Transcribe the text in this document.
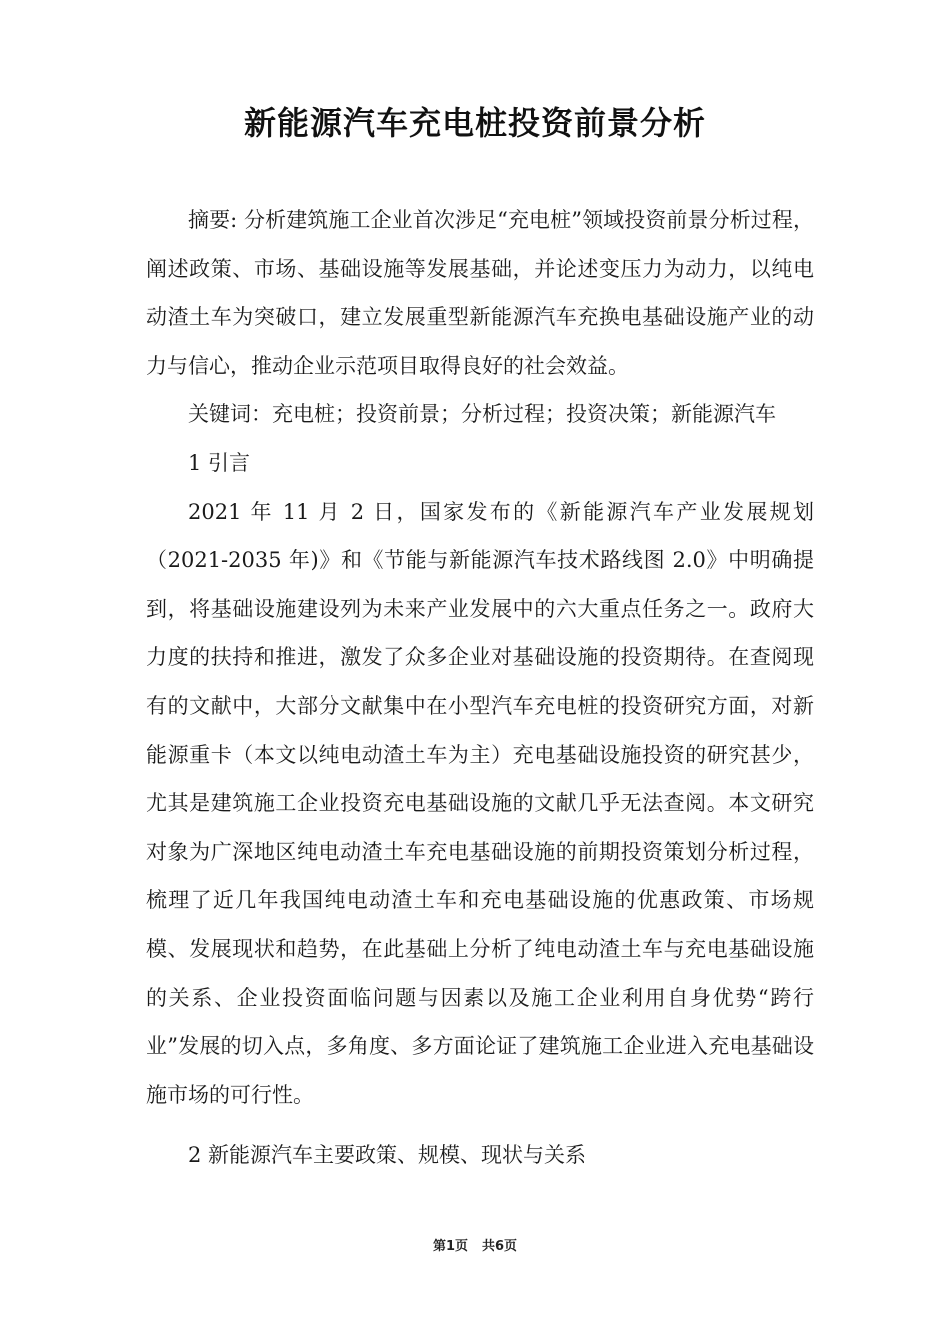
新能源汽车充电桩投资前景分析

摘要: 分析建筑施工企业首次涉足“充电桩”领域投资前景分析过程，阐述政策、市场、基础设施等发展基础，并论述变压力为动力，以纯电动渣土车为突破口，建立发展重型新能源汽车充换电基础设施产业的动力与信心，推动企业示范项目取得良好的社会效益。

关键词：充电桩；投资前景；分析过程；投资决策；新能源汽车

1 引言

2021 年 11 月 2 日，国家发布的《新能源汽车产业发展规划（2021-2035 年)》和《节能与新能源汽车技术路线图 2.0》中明确提到，将基础设施建设列为未来产业发展中的六大重点任务之一。政府大力度的扶持和推进，激发了众多企业对基础设施的投资期待。在查阅现有的文献中，大部分文献集中在小型汽车充电桩的投资研究方面，对新能源重卡（本文以纯电动渣土车为主）充电基础设施投资的研究甚少，尤其是建筑施工企业投资充电基础设施的文献几乎无法查阅。本文研究对象为广深地区纯电动渣土车充电基础设施的前期投资策划分析过程，梳理了近几年我国纯电动渣土车和充电基础设施的优惠政策、市场规模、发展现状和趋势，在此基础上分析了纯电动渣土车与充电基础设施的关系、企业投资面临问题与因素以及施工企业利用自身优势“跨行业”发展的切入点，多角度、多方面论证了建筑施工企业进入充电基础设施市场的可行性。

2 新能源汽车主要政策、规模、现状与关系

第1页 共6页
